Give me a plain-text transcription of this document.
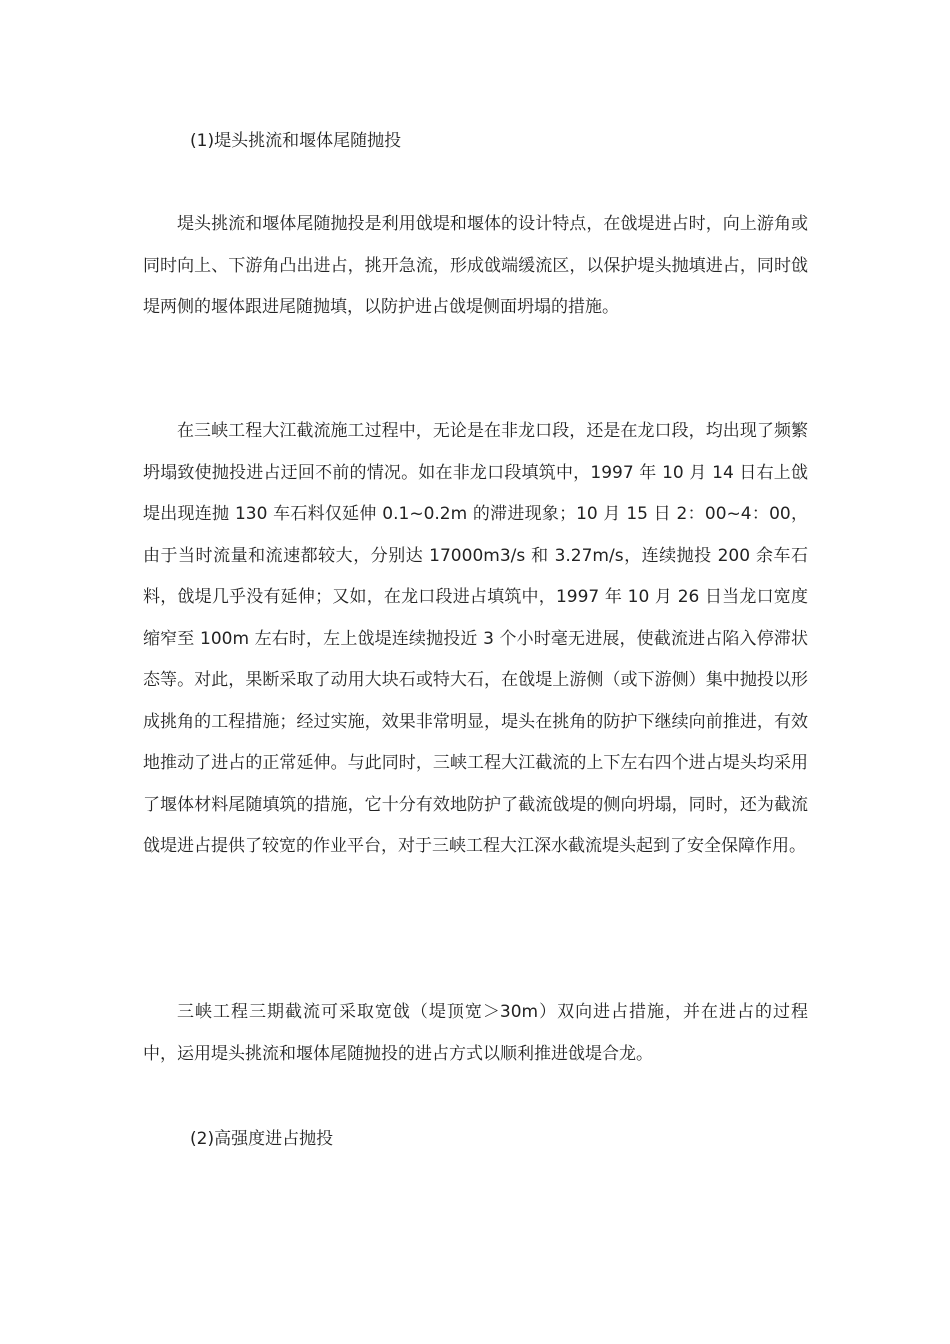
(1)堤头挑流和堰体尾随抛投

堤头挑流和堰体尾随抛投是利用戗堤和堰体的设计特点，在戗堤进占时，向上游角或同时向上、下游角凸出进占，挑开急流，形成戗端缓流区，以保护堤头抛填进占，同时戗堤两侧的堰体跟进尾随抛填，以防护进占戗堤侧面坍塌的措施。

在三峡工程大江截流施工过程中，无论是在非龙口段，还是在龙口段，均出现了频繁坍塌致使抛投进占迂回不前的情况。如在非龙口段填筑中，1997 年 10 月 14 日右上戗堤出现连抛 130 车石料仅延伸 0.1~0.2m 的滞进现象；10 月 15 日 2：00~4：00，由于当时流量和流速都较大，分别达 17000m3/s 和 3.27m/s，连续抛投 200 余车石料，戗堤几乎没有延伸；又如，在龙口段进占填筑中，1997 年 10 月 26 日当龙口宽度缩窄至 100m 左右时，左上戗堤连续抛投近 3 个小时毫无进展，使截流进占陷入停滞状态等。对此，果断采取了动用大块石或特大石，在戗堤上游侧（或下游侧）集中抛投以形成挑角的工程措施；经过实施，效果非常明显，堤头在挑角的防护下继续向前推进，有效地推动了进占的正常延伸。与此同时，三峡工程大江截流的上下左右四个进占堤头均采用了堰体材料尾随填筑的措施，它十分有效地防护了截流戗堤的侧向坍塌，同时，还为截流戗堤进占提供了较宽的作业平台，对于三峡工程大江深水截流堤头起到了安全保障作用。

三峡工程三期截流可采取宽戗（堤顶宽＞30m）双向进占措施，并在进占的过程中，运用堤头挑流和堰体尾随抛投的进占方式以顺利推进戗堤合龙。

(2)高强度进占抛投
